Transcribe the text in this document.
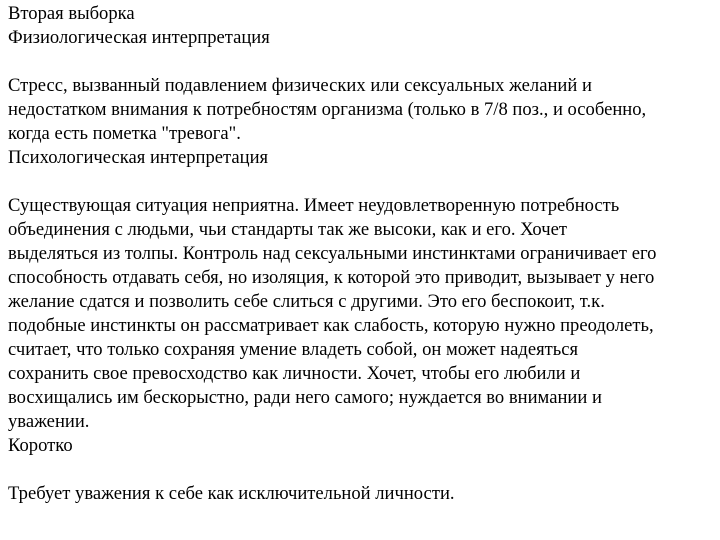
Вторая выборка
Физиологическая интерпретация
Стресс, вызванный подавлением физических или сексуальных желаний и
недостатком внимания к потребностям организма (только в 7/8 поз., и особенно,
когда есть пометка "тревога".
Психологическая интерпретация
Существующая ситуация неприятна. Имеет неудовлетворенную потребность
объединения с людьми, чьи стандарты так же высоки, как и его. Хочет
выделяться из толпы. Контроль над сексуальными инстинктами ограничивает его
способность отдавать себя, но изоляция, к которой это приводит, вызывает у него
желание сдатся и позволить себе слиться с другими. Это его беспокоит, т.к.
подобные инстинкты он рассматривает как слабость, которую нужно преодолеть,
считает, что только сохраняя умение владеть собой, он может надеяться
сохранить свое превосходство как личности. Хочет, чтобы его любили и
восхищались им бескорыстно, ради него самого; нуждается во внимании и
уважении.
Коротко
Требует уважения к себе как исключительной личности.
